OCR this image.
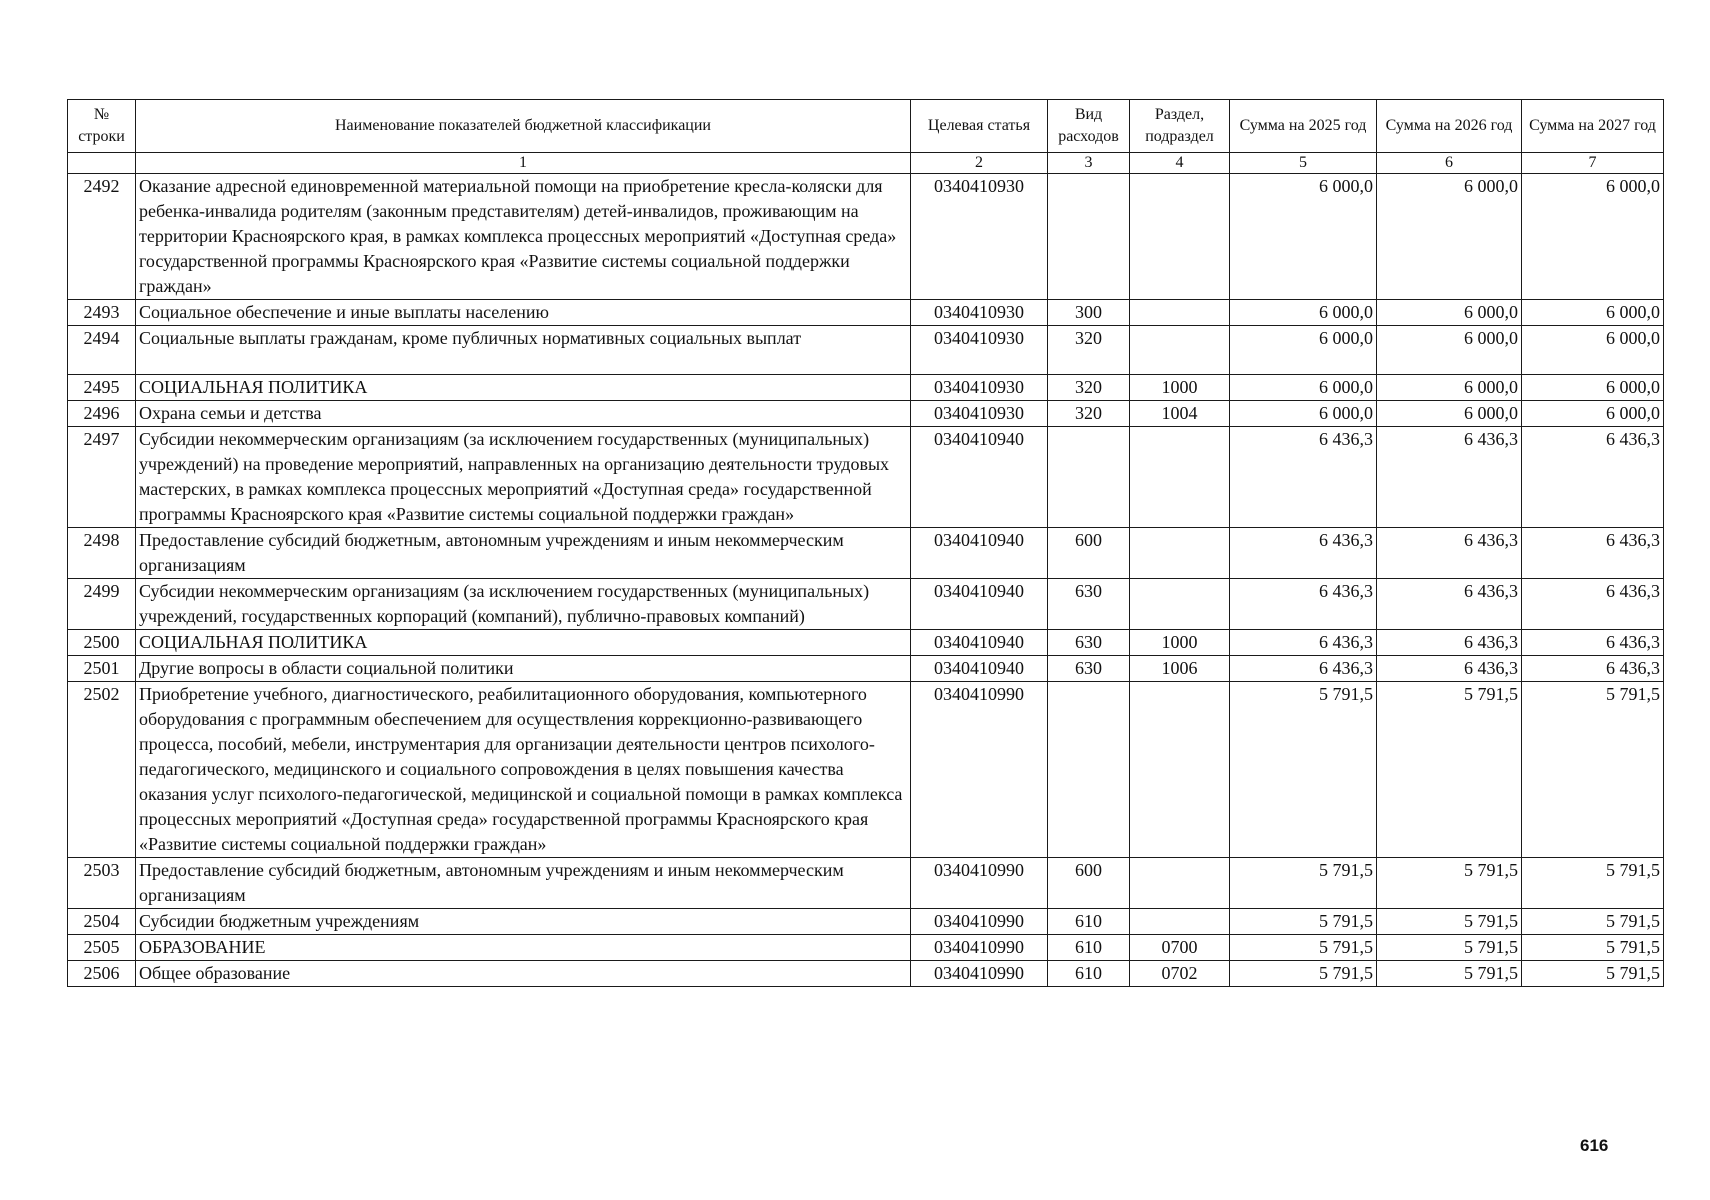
№ строки	Наименование показателей бюджетной классификации	Целевая статья	Вид расходов	Раздел, подраздел	Сумма на 2025 год	Сумма на 2026 год	Сумма на 2027 год
	1	2	3	4	5	6	7
2492	Оказание адресной единовременной материальной помощи на приобретение кресла-коляски для ребенка-инвалида родителям (законным представителям) детей-инвалидов, проживающим на территории Красноярского края, в рамках комплекса процессных мероприятий «Доступная среда» государственной программы Красноярского края «Развитие системы социальной поддержки граждан»	0340410930			6 000,0	6 000,0	6 000,0
2493	Социальное обеспечение и иные выплаты населению	0340410930	300		6 000,0	6 000,0	6 000,0
2494	Социальные выплаты гражданам, кроме публичных нормативных социальных выплат	0340410930	320		6 000,0	6 000,0	6 000,0
2495	СОЦИАЛЬНАЯ ПОЛИТИКА	0340410930	320	1000	6 000,0	6 000,0	6 000,0
2496	Охрана семьи и детства	0340410930	320	1004	6 000,0	6 000,0	6 000,0
2497	Субсидии некоммерческим организациям (за исключением государственных (муниципальных) учреждений) на проведение мероприятий, направленных на организацию деятельности трудовых мастерских, в рамках комплекса процессных мероприятий «Доступная среда» государственной программы Красноярского края «Развитие системы социальной поддержки граждан»	0340410940			6 436,3	6 436,3	6 436,3
2498	Предоставление субсидий бюджетным, автономным учреждениям и иным некоммерческим организациям	0340410940	600		6 436,3	6 436,3	6 436,3
2499	Субсидии некоммерческим организациям (за исключением государственных (муниципальных) учреждений, государственных корпораций (компаний), публично-правовых компаний)	0340410940	630		6 436,3	6 436,3	6 436,3
2500	СОЦИАЛЬНАЯ ПОЛИТИКА	0340410940	630	1000	6 436,3	6 436,3	6 436,3
2501	Другие вопросы в области социальной политики	0340410940	630	1006	6 436,3	6 436,3	6 436,3
2502	Приобретение учебного, диагностического, реабилитационного оборудования, компьютерного оборудования с программным обеспечением для осуществления коррекционно-развивающего процесса, пособий, мебели, инструментария для организации деятельности центров психолого-педагогического, медицинского и социального сопровождения в целях повышения качества оказания услуг психолого-педагогической, медицинской и социальной помощи в рамках комплекса процессных мероприятий «Доступная среда» государственной программы Красноярского края «Развитие системы социальной поддержки граждан»	0340410990			5 791,5	5 791,5	5 791,5
2503	Предоставление субсидий бюджетным, автономным учреждениям и иным некоммерческим организациям	0340410990	600		5 791,5	5 791,5	5 791,5
2504	Субсидии бюджетным учреждениям	0340410990	610		5 791,5	5 791,5	5 791,5
2505	ОБРАЗОВАНИЕ	0340410990	610	0700	5 791,5	5 791,5	5 791,5
2506	Общее образование	0340410990	610	0702	5 791,5	5 791,5	5 791,5
616
